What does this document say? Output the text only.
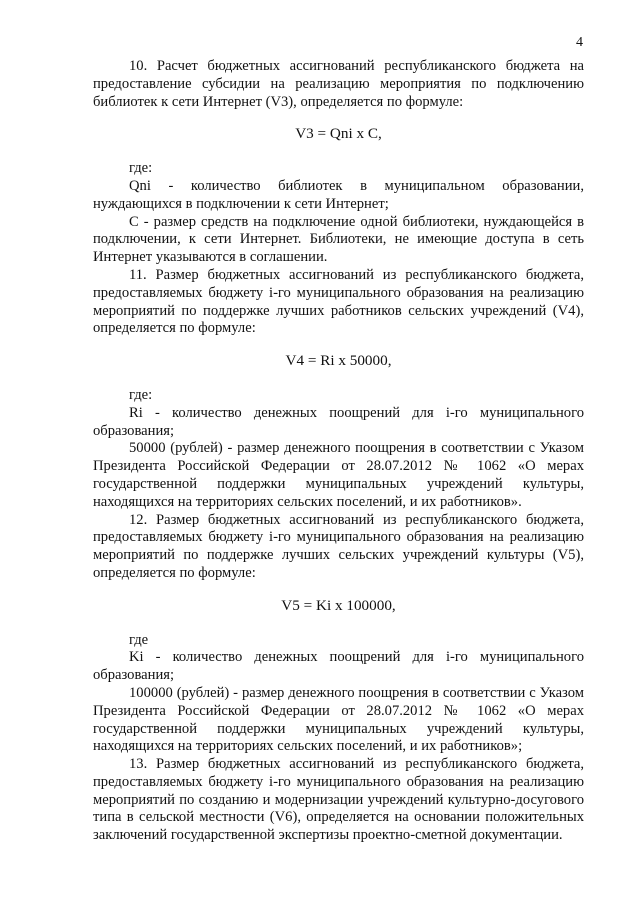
4

10. Расчет бюджетных ассигнований республиканского бюджета на предоставление субсидии на реализацию мероприятия по подключению библиотек к сети Интернет (V3), определяется по формуле:

V3 = Qni x C,

где:

Qni - количество библиотек в муниципальном образовании, нуждающихся в подключении к сети Интернет;

C - размер средств на подключение одной библиотеки, нуждающейся в подключении, к сети Интернет. Библиотеки, не имеющие доступа в сеть Интернет указываются в соглашении.

11. Размер бюджетных ассигнований из республиканского бюджета, предоставляемых бюджету i-го муниципального образования на реализацию мероприятий по поддержке лучших работников сельских учреждений (V4), определяется по формуле:

V4 = Ri x 50000,

где:

Ri - количество денежных поощрений для i-го муниципального образования;

50000 (рублей) - размер денежного поощрения в соответствии с Указом Президента Российской Федерации от 28.07.2012 № 1062 «О мерах государственной поддержки муниципальных учреждений культуры, находящихся на территориях сельских поселений, и их работников».

12. Размер бюджетных ассигнований из республиканского бюджета, предоставляемых бюджету i-го муниципального образования на реализацию мероприятий по поддержке лучших сельских учреждений культуры (V5), определяется по формуле:

V5 = Ki x 100000,

где

Ki - количество денежных поощрений для i-го муниципального образования;

100000 (рублей) - размер денежного поощрения в соответствии с Указом Президента Российской Федерации от 28.07.2012 № 1062 «О мерах государственной поддержки муниципальных учреждений культуры, находящихся на территориях сельских поселений, и их работников»;

13. Размер бюджетных ассигнований из республиканского бюджета, предоставляемых бюджету i-го муниципального образования на реализацию мероприятий по созданию и модернизации учреждений культурно-досугового типа в сельской местности (V6), определяется на основании положительных заключений государственной экспертизы проектно-сметной документации.
